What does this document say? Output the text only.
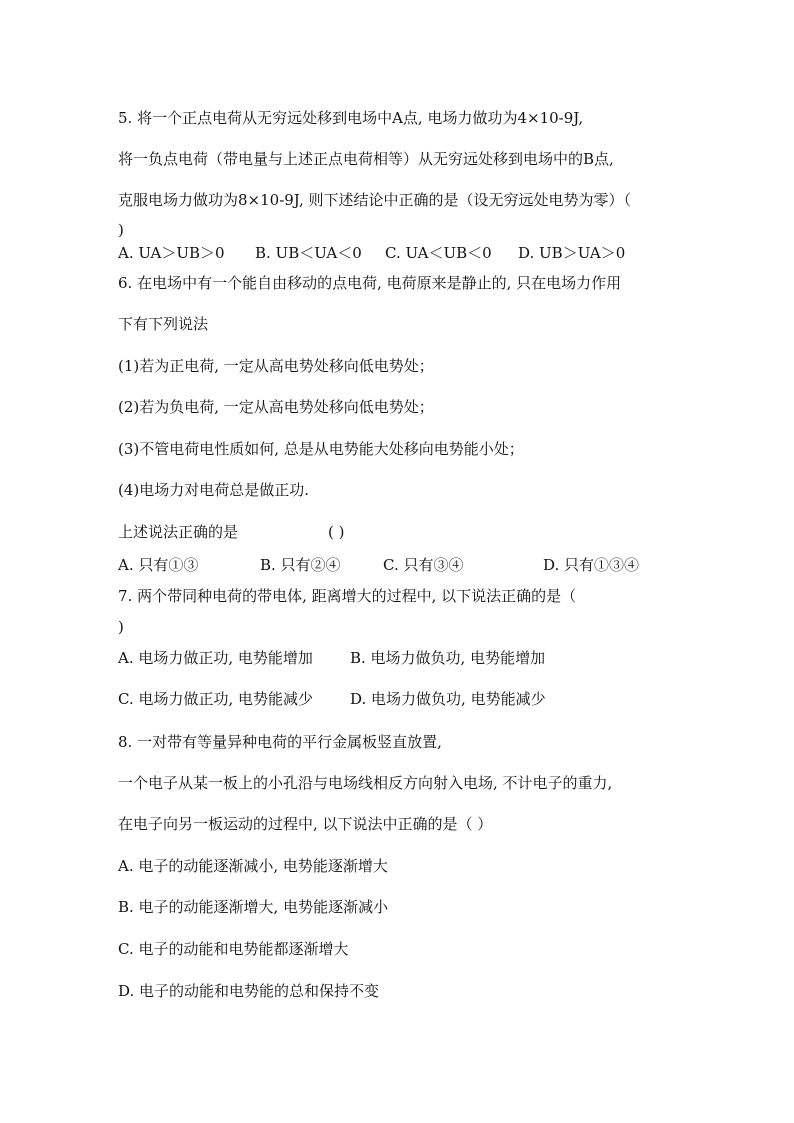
5. 将一个正点电荷从无穷远处移到电场中A点, 电场力做功为4×10-9J,
将一负点电荷（带电量与上述正点电荷相等）从无穷远处移到电场中的B点,
克服电场力做功为8×10-9J, 则下述结论中正确的是（设无穷远处电势为零）（
)
A. UA＞UB＞0 B. UB＜UA＜0 C. UA＜UB＜0 D. UB＞UA＞0
6. 在电场中有一个能自由移动的点电荷, 电荷原来是静止的, 只在电场力作用
下有下列说法
(1)若为正电荷, 一定从高电势处移向低电势处；
(2)若为负电荷, 一定从高电势处移向低电势处；
(3)不管电荷电性质如何, 总是从电势能大处移向电势能小处；
(4)电场力对电荷总是做正功.
上述说法正确的是	( )
A. 只有①③	B. 只有②④	C. 只有③④	D. 只有①③④
7. 两个带同种电荷的带电体, 距离增大的过程中, 以下说法正确的是（
)
A. 电场力做正功, 电势能增加 B. 电场力做负功, 电势能增加
C. 电场力做正功, 电势能减少 D. 电场力做负功, 电势能减少
8. 一对带有等量异种电荷的平行金属板竖直放置,
一个电子从某一板上的小孔沿与电场线相反方向射入电场, 不计电子的重力,
在电子向另一板运动的过程中, 以下说法中正确的是（ ）
A. 电子的动能逐渐减小, 电势能逐渐增大
B. 电子的动能逐渐增大, 电势能逐渐减小
C. 电子的动能和电势能都逐渐增大
D. 电子的动能和电势能的总和保持不变
